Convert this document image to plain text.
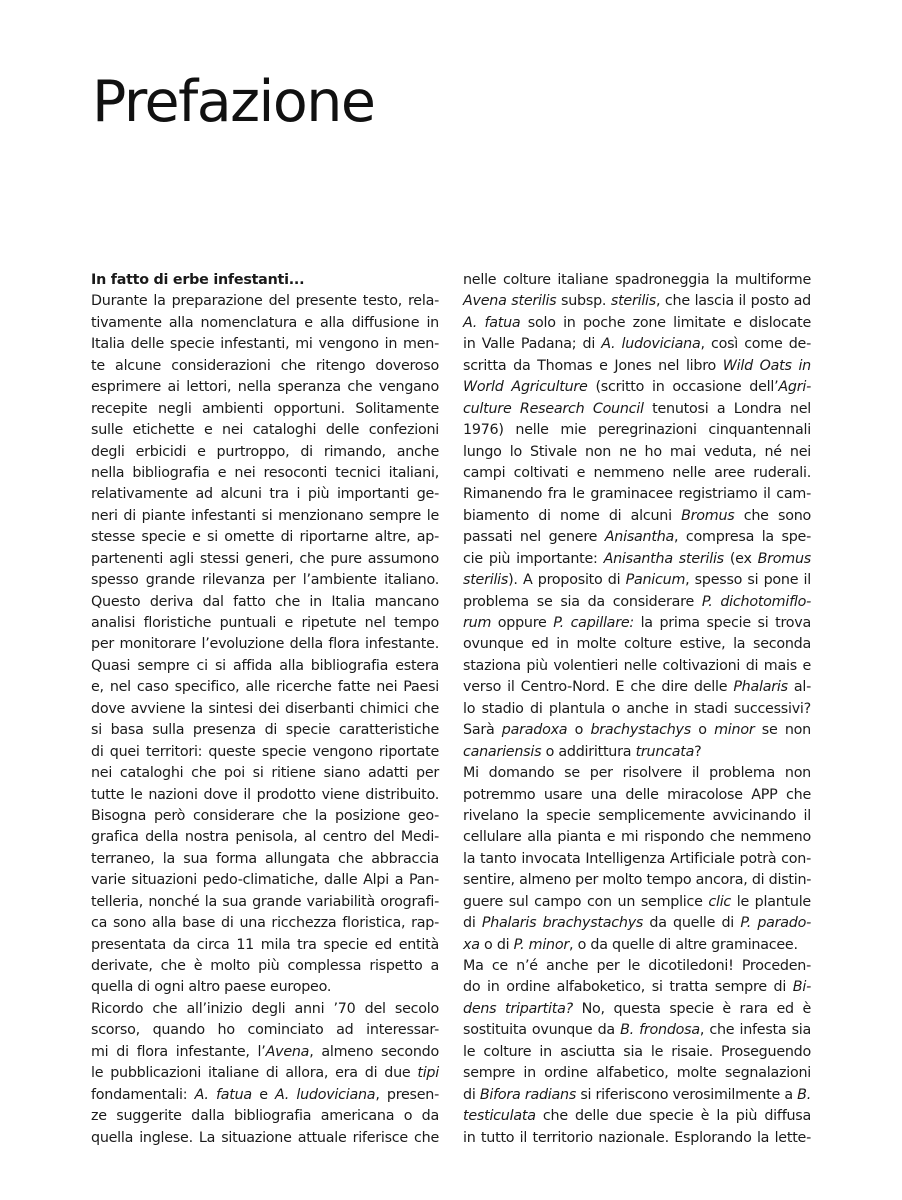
Prefazione
In fatto di erbe infestanti...
Durante la preparazione del presente testo, rela-
tivamente alla nomenclatura e alla diffusione in
Italia delle specie infestanti, mi vengono in men-
te alcune considerazioni che ritengo doveroso
esprimere ai lettori, nella speranza che vengano
recepite negli ambienti opportuni. Solitamente
sulle etichette e nei cataloghi delle confezioni
degli erbicidi e purtroppo, di rimando, anche
nella bibliografia e nei resoconti tecnici italiani,
relativamente ad alcuni tra i più importanti ge-
neri di piante infestanti si menzionano sempre le
stesse specie e si omette di riportarne altre, ap-
partenenti agli stessi generi, che pure assumono
spesso grande rilevanza per l’ambiente italiano.
Questo deriva dal fatto che in Italia mancano
analisi floristiche puntuali e ripetute nel tempo
per monitorare l’evoluzione della flora infestante.
Quasi sempre ci si affida alla bibliografia estera
e, nel caso specifico, alle ricerche fatte nei Paesi
dove avviene la sintesi dei diserbanti chimici che
si basa sulla presenza di specie caratteristiche
di quei territori: queste specie vengono riportate
nei cataloghi che poi si ritiene siano adatti per
tutte le nazioni dove il prodotto viene distribuito.
Bisogna però considerare che la posizione geo-
grafica della nostra penisola, al centro del Medi-
terraneo, la sua forma allungata che abbraccia
varie situazioni pedo-climatiche, dalle Alpi a Pan-
telleria, nonché la sua grande variabilità orografi-
ca sono alla base di una ricchezza floristica, rap-
presentata da circa 11 mila tra specie ed entità
derivate, che è molto più complessa rispetto a
quella di ogni altro paese europeo.
Ricordo che all’inizio degli anni ’70 del secolo
scorso, quando ho cominciato ad interessar-
mi di flora infestante, l’Avena, almeno secondo
le pubblicazioni italiane di allora, era di due tipi
fondamentali: A. fatua e A. ludoviciana, presen-
ze suggerite dalla bibliografia americana o da
quella inglese. La situazione attuale riferisce che
nelle colture italiane spadroneggia la multiforme
Avena sterilis subsp. sterilis, che lascia il posto ad
A. fatua solo in poche zone limitate e dislocate
in Valle Padana; di A. ludoviciana, così come de-
scritta da Thomas e Jones nel libro Wild Oats in
World Agriculture (scritto in occasione dell’Agri-
culture Research Council tenutosi a Londra nel
1976) nelle mie peregrinazioni cinquantennali
lungo lo Stivale non ne ho mai veduta, né nei
campi coltivati e nemmeno nelle aree ruderali.
Rimanendo fra le graminacee registriamo il cam-
biamento di nome di alcuni Bromus che sono
passati nel genere Anisantha, compresa la spe-
cie più importante: Anisantha sterilis (ex Bromus
sterilis). A proposito di Panicum, spesso si pone il
problema se sia da considerare P. dichotomiflo-
rum oppure P. capillare: la prima specie si trova
ovunque ed in molte colture estive, la seconda
staziona più volentieri nelle coltivazioni di mais e
verso il Centro-Nord. E che dire delle Phalaris al-
lo stadio di plantula o anche in stadi successivi?
Sarà paradoxa o brachystachys o minor se non
canariensis o addirittura truncata?
Mi domando se per risolvere il problema non
potremmo usare una delle miracolose APP che
rivelano la specie semplicemente avvicinando il
cellulare alla pianta e mi rispondo che nemmeno
la tanto invocata Intelligenza Artificiale potrà con-
sentire, almeno per molto tempo ancora, di distin-
guere sul campo con un semplice clic le plantule
di Phalaris brachystachys da quelle di P. parado-
xa o di P. minor, o da quelle di altre graminacee.
Ma ce n’é anche per le dicotiledoni! Proceden-
do in ordine alfaboketico, si tratta sempre di Bi-
dens tripartita? No, questa specie è rara ed è
sostituita ovunque da B. frondosa, che infesta sia
le colture in asciutta sia le risaie. Proseguendo
sempre in ordine alfabetico, molte segnalazioni
di Bifora radians si riferiscono verosimilmente a B.
testiculata che delle due specie è la più diffusa
in tutto il territorio nazionale. Esplorando la lette-
